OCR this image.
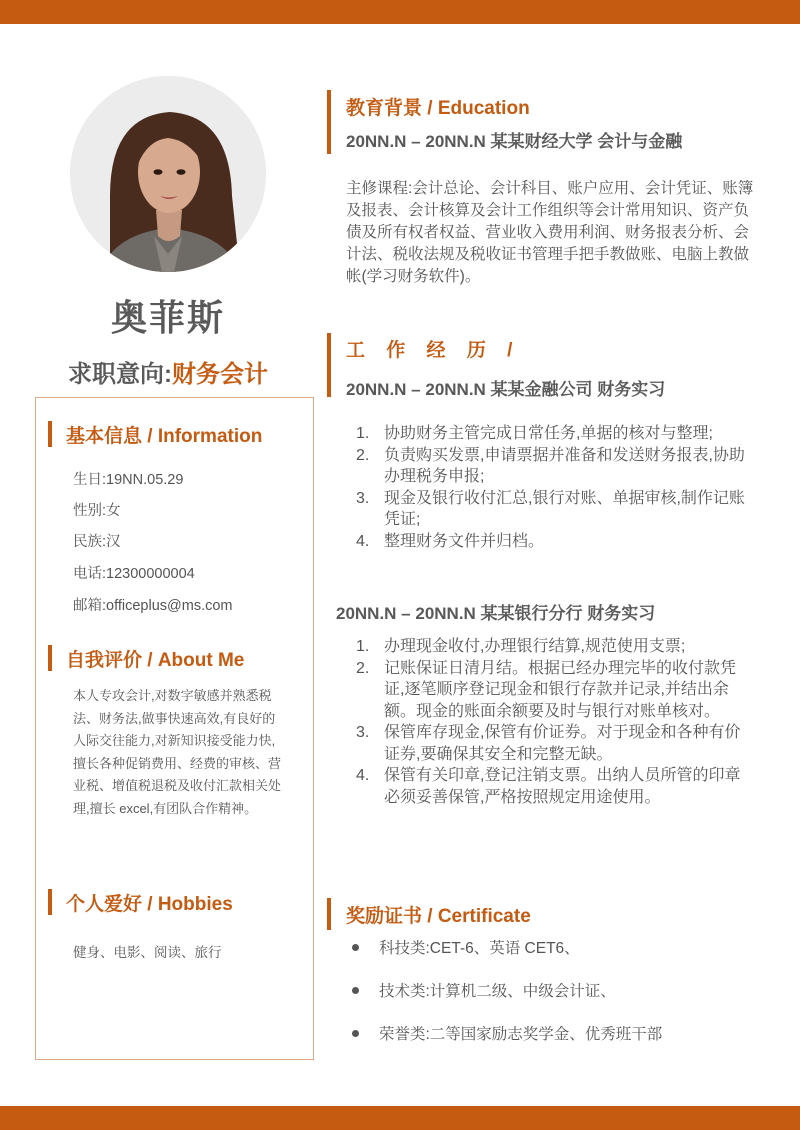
奥菲斯
求职意向:财务会计
基本信息 / Information
生日:19NN.05.29
性别:女
民族:汉
电话:12300000004
邮箱:officeplus@ms.com
自我评价 / About Me
本人专攻会计,对数字敏感并熟悉税法、财务法,做事快速高效,有良好的人际交往能力,对新知识接受能力快,擅长各种促销费用、经费的审核、营业税、增值税退税及收付汇款相关处理,擅长 excel,有团队合作精神。
个人爱好 / Hobbies
健身、电影、阅读、旅行
教育背景 / Education
20NN.N – 20NN.N 某某财经大学 会计与金融
主修课程:会计总论、会计科目、账户应用、会计凭证、账簿及报表、会计核算及会计工作组织等会计常用知识、资产负债及所有权者权益、营业收入费用利润、财务报表分析、会计法、税收法规及税收证书管理手把手教做账、电脑上教做帐(学习财务软件)。
工 作 经 历 /
20NN.N – 20NN.N 某某金融公司 财务实习
1. 协助财务主管完成日常任务,单据的核对与整理;
2. 负责购买发票,申请票据并准备和发送财务报表,协助办理税务申报;
3. 现金及银行收付汇总,银行对账、单据审核,制作记账凭证;
4. 整理财务文件并归档。
20NN.N – 20NN.N 某某银行分行 财务实习
1. 办理现金收付,办理银行结算,规范使用支票;
2. 记账保证日清月结。根据已经办理完毕的收付款凭证,逐笔顺序登记现金和银行存款并记录,并结出余额。现金的账面余额要及时与银行对账单核对。
3. 保管库存现金,保管有价证券。对于现金和各种有价证券,要确保其安全和完整无缺。
4. 保管有关印章,登记注销支票。出纳人员所管的印章必须妥善保管,严格按照规定用途使用。
奖励证书 / Certificate
科技类:CET-6、英语 CET6、
技术类:计算机二级、中级会计证、
荣誉类:二等国家励志奖学金、优秀班干部
